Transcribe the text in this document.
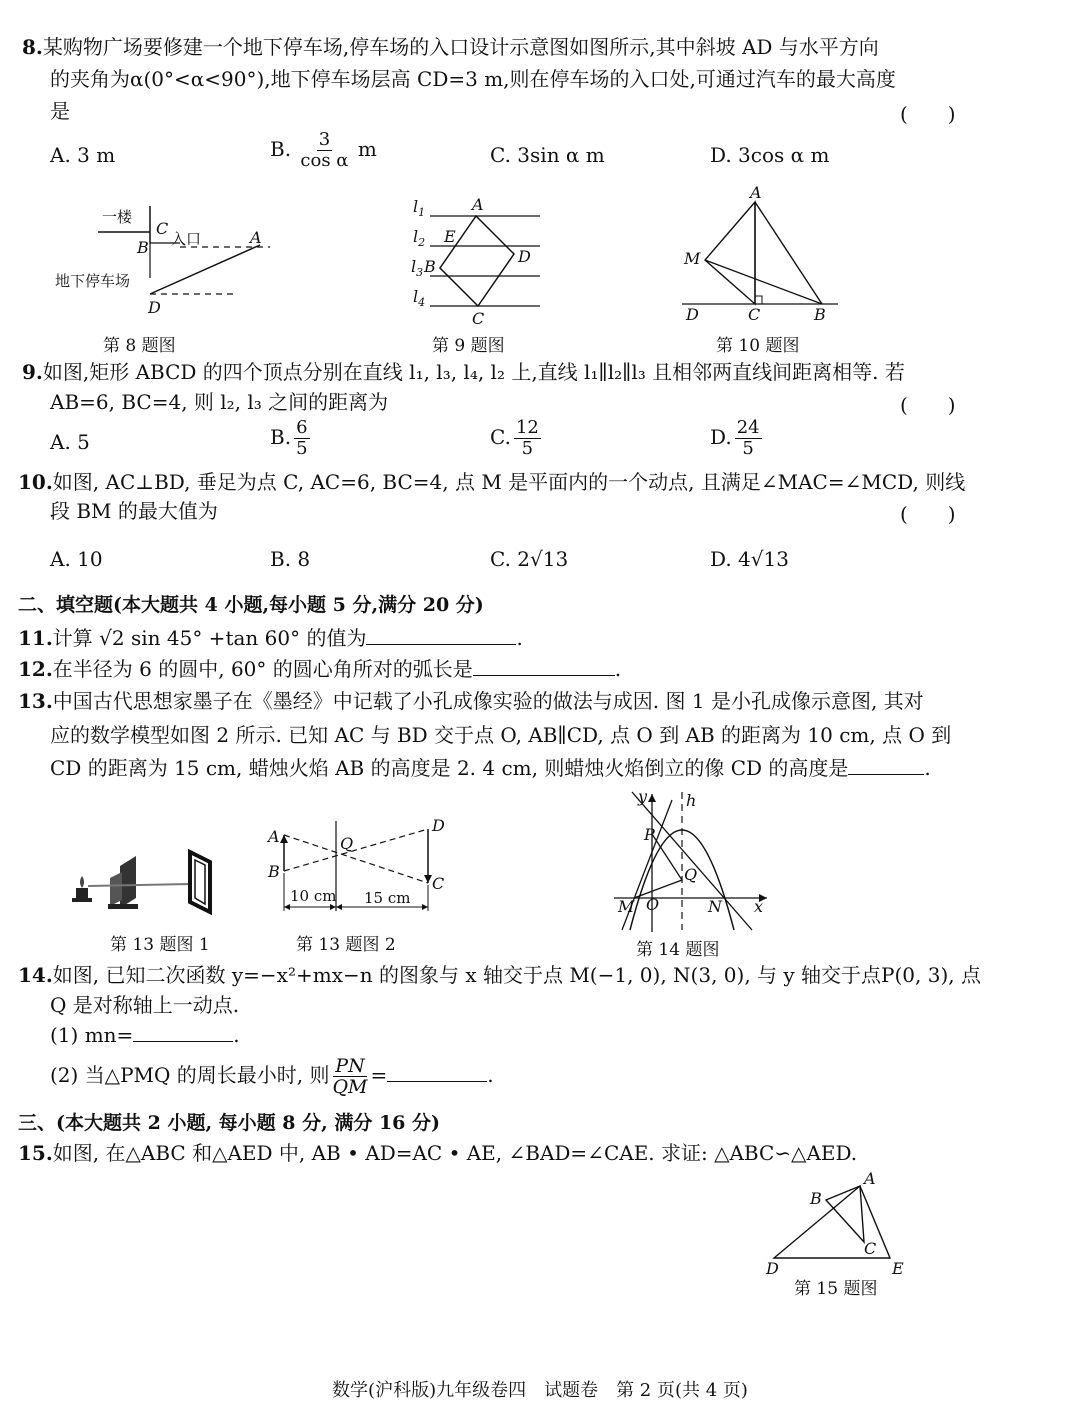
8.某购物广场要修建一个地下停车场,停车场的入口设计示意图如图所示,其中斜坡 AD 与水平方向
的夹角为α(0°<α<90°),地下停车场层高 CD=3 m,则在停车场的入口处,可通过汽车的最大高度
是	(　　)
A. 3 m	B. $\frac{3}{\text{cos α}}$ m	C. 3sin α m	D. 3cos α m
一楼
C
入口
B
A
地下停车场
D
第 8 题图
$l_1$
$l_2$
$l_3$
$l_4$
A
E
D
B
C
第 9 题图
A
M
D	C	B
第 10 题图
9.如图,矩形 ABCD 的四个顶点分别在直线 l₁, l₃, l₄, l₂ 上,直线 l₁∥l₂∥l₃ 且相邻两直线间距离相等. 若
AB=6, BC=4, 则 l₂, l₃ 之间的距离为	(　　)
A. 5	B. $\frac{6}{5}$	C. $\frac{12}{5}$	D. $\frac{24}{5}$
10.如图, AC⊥BD, 垂足为点 C, AC=6, BC=4, 点 M 是平面内的一个动点, 且满足∠MAC=∠MCD, 则线
段 BM 的最大值为	(　　)
A. 10	B. 8	C. 2√13	D. 4√13
二、填空题(本大题共 4 小题,每小题 5 分,满分 20 分)
11.计算 √2 sin 45° +tan 60° 的值为	.
12.在半径为 6 的圆中, 60° 的圆心角所对的弧长是	.
13.中国古代思想家墨子在《墨经》中记载了小孔成像实验的做法与成因. 图 1 是小孔成像示意图, 其对
应的数学模型如图 2 所示. 已知 AC 与 BD 交于点 O, AB∥CD, 点 O 到 AB 的距离为 10 cm, 点 O 到
CD 的距离为 15 cm, 蜡烛火焰 AB 的高度是 2. 4 cm, 则蜡烛火焰倒立的像 CD 的高度是	.
第 13 题图 1
A
B
Q
D
C
10 cm 15 cm
第 13 题图 2
y h
P
Q
M O	N x
第 14 题图
14.如图, 已知二次函数 y=−x²+mx−n 的图象与 x 轴交于点 M(−1, 0), N(3, 0), 与 y 轴交于点P(0, 3), 点
Q 是对称轴上一动点.
(1) mn=	.
(2) 当△PMQ 的周长最小时, 则 $\frac{PN}{QM}$ =	.
三、(本大题共 2 小题, 每小题 8 分, 满分 16 分)
15.如图, 在△ABC 和△AED 中, AB • AD=AC • AE, ∠BAD=∠CAE. 求证: △ABC∽△AED.
A
B
C
D	E
第 15 题图
数学(沪科版)九年级卷四　试题卷　第 2 页(共 4 页)
